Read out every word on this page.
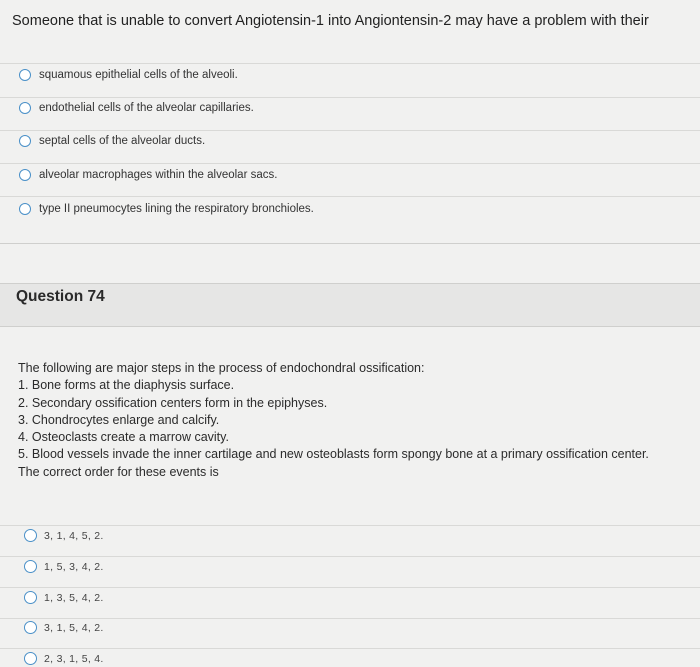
Someone that is unable to convert Angiotensin-1 into Angiontensin-2 may have a problem with their
squamous epithelial cells of the alveoli.
endothelial cells of the alveolar capillaries.
septal cells of the alveolar ducts.
alveolar macrophages within the alveolar sacs.
type II pneumocytes lining the respiratory bronchioles.
Question 74
The following are major steps in the process of endochondral ossification:
1. Bone forms at the diaphysis surface.
2. Secondary ossification centers form in the epiphyses.
3. Chondrocytes enlarge and calcify.
4. Osteoclasts create a marrow cavity.
5. Blood vessels invade the inner cartilage and new osteoblasts form spongy bone at a primary ossification center.
The correct order for these events is
3, 1, 4, 5, 2.
1, 5, 3, 4, 2.
1, 3, 5, 4, 2.
3, 1, 5, 4, 2.
2, 3, 1, 5, 4.
